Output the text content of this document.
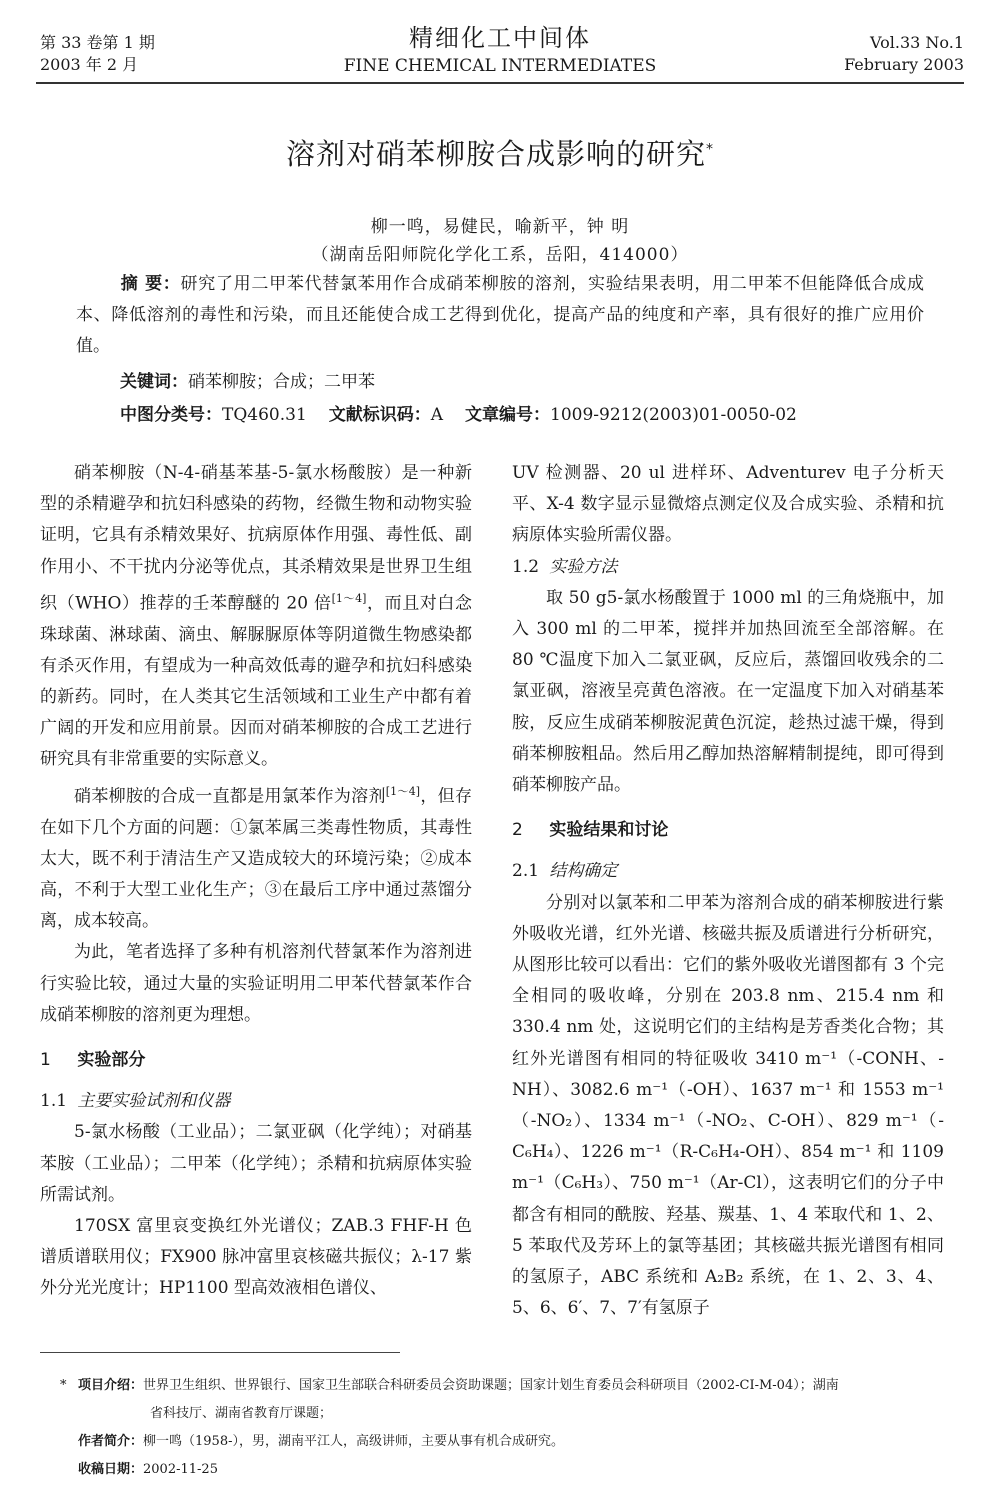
第 33 卷第 1 期
2003 年 2 月
精细化工中间体
FINE CHEMICAL INTERMEDIATES
Vol.33 No.1
February 2003
溶剂对硝苯柳胺合成影响的研究*
柳一鸣，易健民，喻新平，钟 明
（湖南岳阳师院化学化工系，岳阳，414000）
摘 要：研究了用二甲苯代替氯苯用作合成硝苯柳胺的溶剂，实验结果表明，用二甲苯不但能降低合成成本、降低溶剂的毒性和污染，而且还能使合成工艺得到优化，提高产品的纯度和产率，具有很好的推广应用价值。
关键词：硝苯柳胺；合成；二甲苯
中图分类号：TQ460.31 文献标识码：A 文章编号：1009-9212(2003)01-0050-02

硝苯柳胺（N-4-硝基苯基-5-氯水杨酸胺）是一种新型的杀精避孕和抗妇科感染的药物，经微生物和动物实验证明，它具有杀精效果好、抗病原体作用强、毒性低、副作用小、不干扰内分泌等优点，其杀精效果是世界卫生组织（WHO）推荐的壬苯醇醚的 20 倍[1～4]，而且对白念珠球菌、淋球菌、滴虫、解脲脲原体等阴道微生物感染都有杀灭作用，有望成为一种高效低毒的避孕和抗妇科感染的新药。同时，在人类其它生活领域和工业生产中都有着广阔的开发和应用前景。因而对硝苯柳胺的合成工艺进行研究具有非常重要的实际意义。

硝苯柳胺的合成一直都是用氯苯作为溶剂[1～4]，但存在如下几个方面的问题：①氯苯属三类毒性物质，其毒性太大，既不利于清洁生产又造成较大的环境污染；②成本高，不利于大型工业化生产；③在最后工序中通过蒸馏分离，成本较高。

为此，笔者选择了多种有机溶剂代替氯苯作为溶剂进行实验比较，通过大量的实验证明用二甲苯代替氯苯作合成硝苯柳胺的溶剂更为理想。

1 实验部分
1.1 主要实验试剂和仪器

5-氯水杨酸（工业品）；二氯亚砜（化学纯）；对硝基苯胺（工业品）；二甲苯（化学纯）；杀精和抗病原体实验所需试剂。

170SX 富里哀变换红外光谱仪；ZAB.3 FHF-H 色谱质谱联用仪；FX900 脉冲富里哀核磁共振仪；λ-17 紫外分光光度计；HP1100 型高效液相色谱仪、

UV 检测器、20 ul 进样环、Adventurev 电子分析天平、X-4 数字显示显微熔点测定仪及合成实验、杀精和抗病原体实验所需仪器。

1.2 实验方法

取 50 g5-氯水杨酸置于 1000 ml 的三角烧瓶中，加入 300 ml 的二甲苯，搅拌并加热回流至全部溶解。在 80 ℃温度下加入二氯亚砜，反应后，蒸馏回收残余的二氯亚砜，溶液呈亮黄色溶液。在一定温度下加入对硝基苯胺，反应生成硝苯柳胺泥黄色沉淀，趁热过滤干燥，得到硝苯柳胺粗品。然后用乙醇加热溶解精制提纯，即可得到硝苯柳胺产品。

2 实验结果和讨论
2.1 结构确定

分别对以氯苯和二甲苯为溶剂合成的硝苯柳胺进行紫外吸收光谱，红外光谱、核磁共振及质谱进行分析研究，从图形比较可以看出：它们的紫外吸收光谱图都有 3 个完全相同的吸收峰，分别在 203.8 nm、215.4 nm 和 330.4 nm 处，这说明它们的主结构是芳香类化合物；其红外光谱图有相同的特征吸收 3410 m⁻¹（-CONH、-NH）、3082.6 m⁻¹（-OH）、1637 m⁻¹ 和 1553 m⁻¹（-NO₂）、1334 m⁻¹（-NO₂、C-OH）、829 m⁻¹（-C₆H₄）、1226 m⁻¹（R-C₆H₄-OH）、854 m⁻¹ 和 1109 m⁻¹（C₆H₃）、750 m⁻¹（Ar-Cl），这表明它们的分子中都含有相同的酰胺、羟基、羰基、1、4 苯取代和 1、2、5 苯取代及芳环上的氯等基团；其核磁共振光谱图有相同的氢原子，ABC 系统和 A₂B₂ 系统，在 1、2、3、4、5、6、6′、7、7′有氢原子

* 项目介绍：世界卫生组织、世界银行、国家卫生部联合科研委员会资助课题；国家计划生育委员会科研项目（2002-CI-M-04）；湖南
省科技厅、湖南省教育厅课题；
作者简介：柳一鸣（1958-），男，湖南平江人，高级讲师，主要从事有机合成研究。
收稿日期：2002-11-25
